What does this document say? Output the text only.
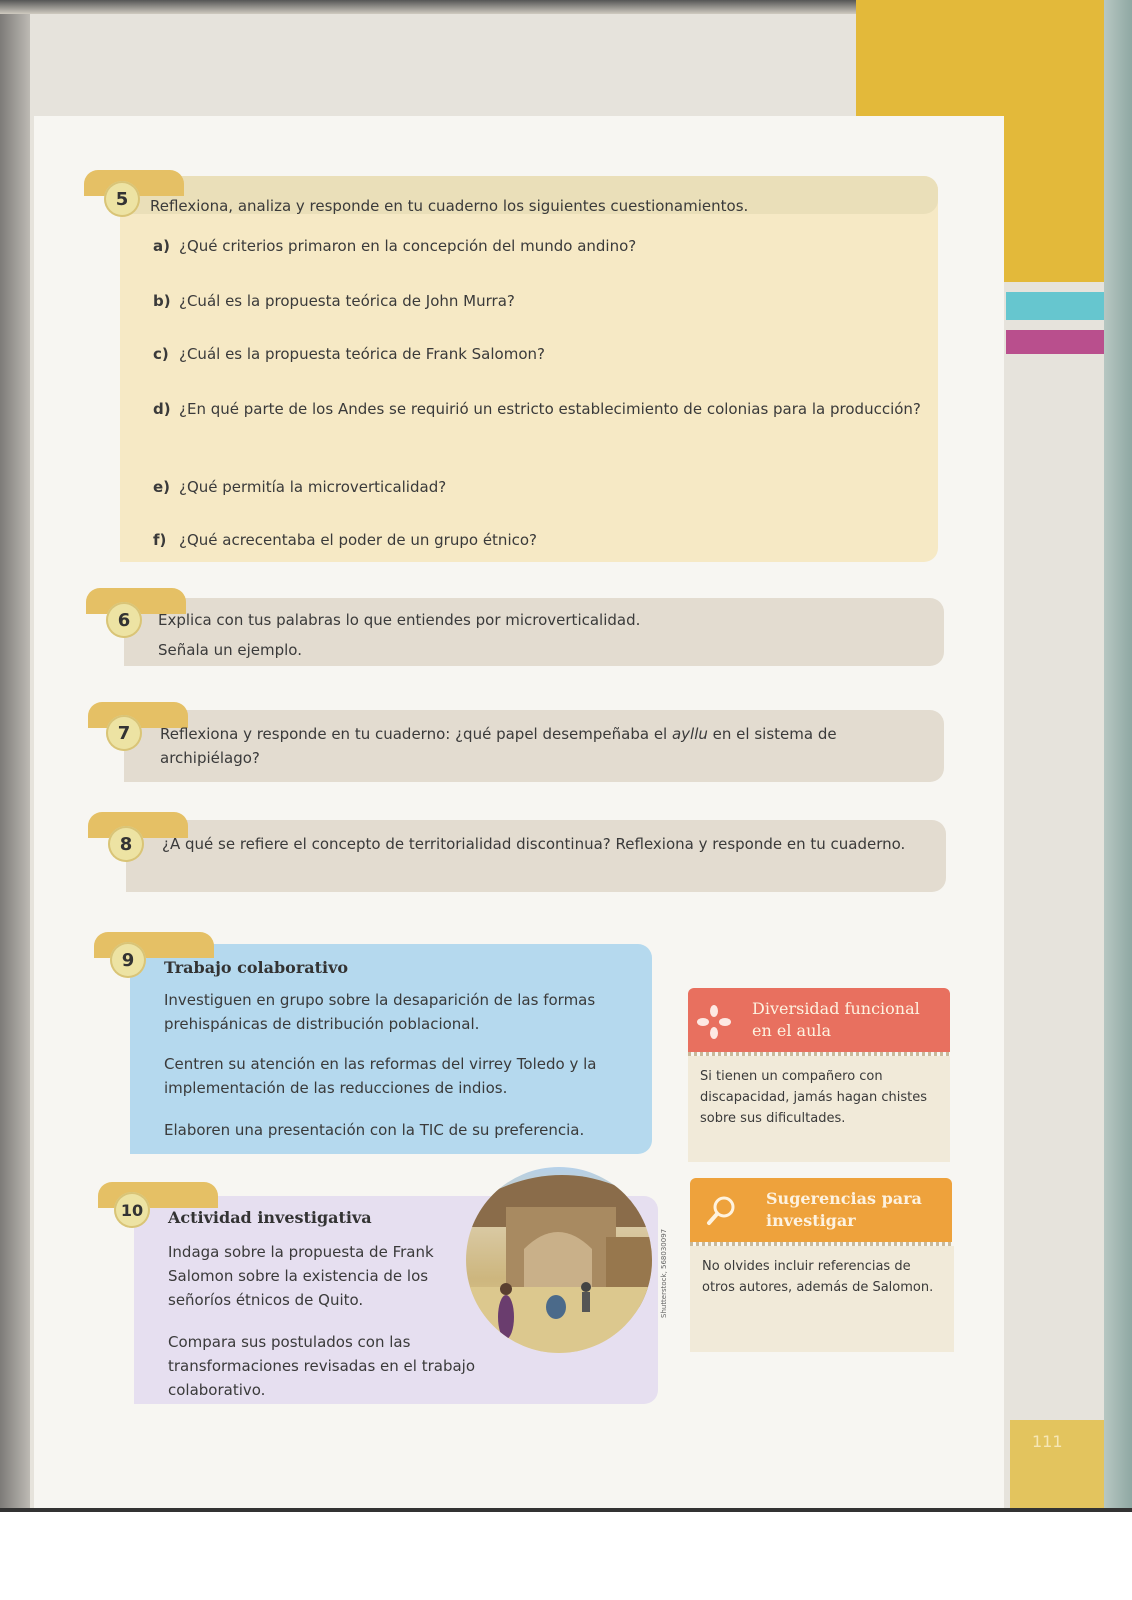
111
5	Reflexiona, analiza y responde en tu cuaderno los siguientes cuestionamientos.
a) ¿Qué criterios primaron en la concepción del mundo andino?
b) ¿Cuál es la propuesta teórica de John Murra?
c) ¿Cuál es la propuesta teórica de Frank Salomon?
d) ¿En qué parte de los Andes se requirió un estricto establecimiento de colonias para la producción?
e) ¿Qué permitía la microverticalidad?
f) ¿Qué acrecentaba el poder de un grupo étnico?
6	Explica con tus palabras lo que entiendes por microverticalidad.
Señala un ejemplo.
7	Reflexiona y responde en tu cuaderno: ¿qué papel desempeñaba el ayllu en el sistema de archipiélago?
8	¿A qué se refiere el concepto de territorialidad discontinua? Reflexiona y responde en tu cuaderno.
9	Trabajo colaborativo
Investiguen en grupo sobre la desaparición de las formas prehispánicas de distribución poblacional.
Centren su atención en las reformas del virrey Toledo y la implementación de las reducciones de indios.
Elaboren una presentación con la TIC de su preferencia.
10	Actividad investigativa
Indaga sobre la propuesta de Frank Salomon sobre la existencia de los señoríos étnicos de Quito.
Compara sus postulados con las transformaciones revisadas en el trabajo colaborativo.
Shutterstock, 568030097
Diversidad funcional en el aula
Si tienen un compañero con discapacidad, jamás hagan chistes sobre sus dificultades.
Sugerencias para investigar
No olvides incluir referencias de otros autores, además de Salomon.
